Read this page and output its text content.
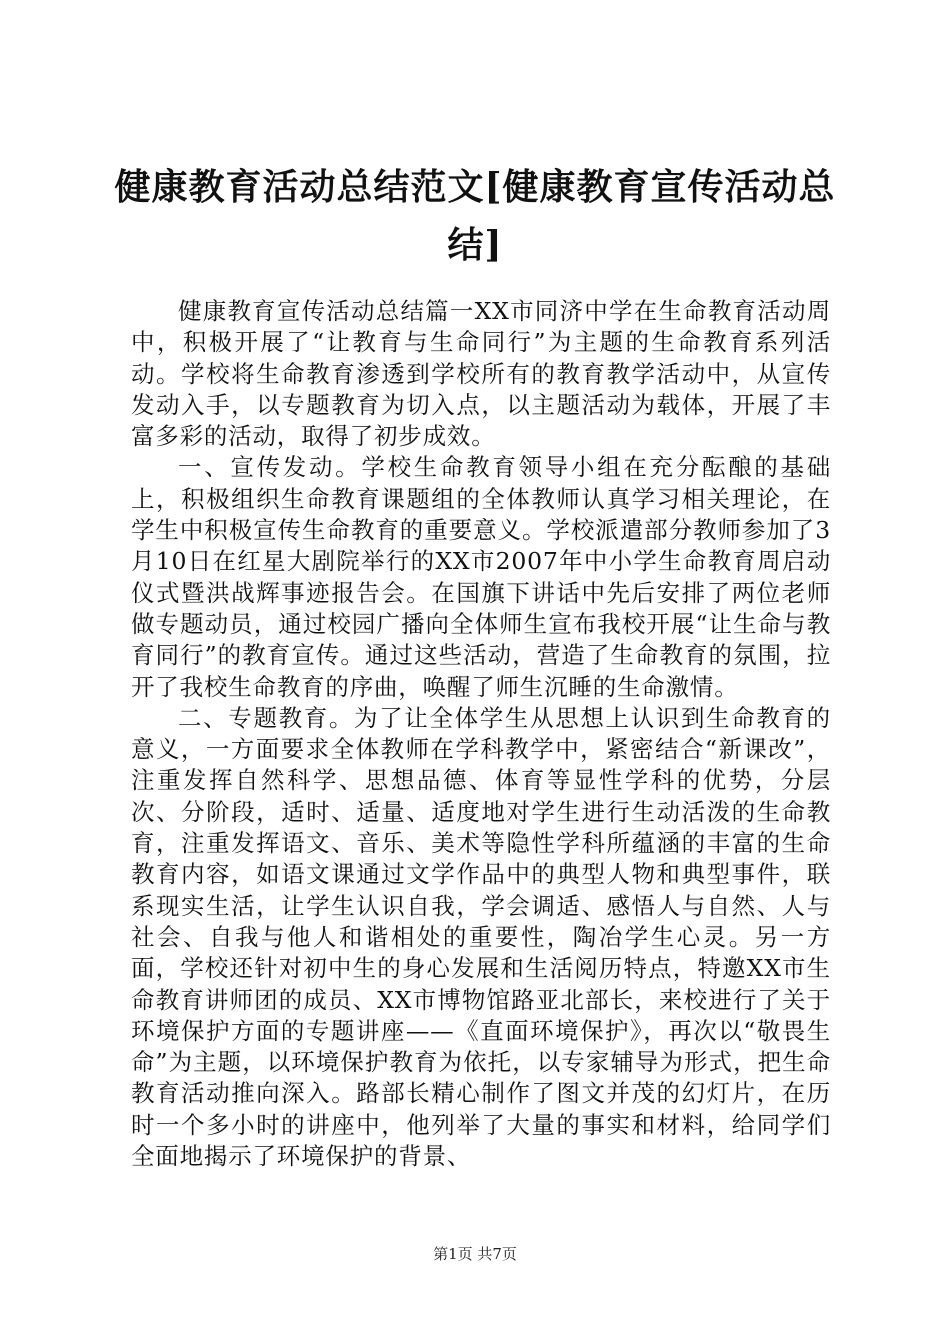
健康教育活动总结范文[健康教育宣传活动总结]

健康教育宣传活动总结篇一XX市同济中学在生命教育活动周中，积极开展了“让教育与生命同行”为主题的生命教育系列活动。学校将生命教育渗透到学校所有的教育教学活动中，从宣传发动入手，以专题教育为切入点，以主题活动为载体，开展了丰富多彩的活动，取得了初步成效。

一、宣传发动。学校生命教育领导小组在充分酝酿的基础上，积极组织生命教育课题组的全体教师认真学习相关理论，在学生中积极宣传生命教育的重要意义。学校派遣部分教师参加了3月10日在红星大剧院举行的XX市2007年中小学生命教育周启动仪式暨洪战辉事迹报告会。在国旗下讲话中先后安排了两位老师做专题动员，通过校园广播向全体师生宣布我校开展“让生命与教育同行”的教育宣传。通过这些活动，营造了生命教育的氛围，拉开了我校生命教育的序曲，唤醒了师生沉睡的生命激情。

二、专题教育。为了让全体学生从思想上认识到生命教育的意义，一方面要求全体教师在学科教学中，紧密结合“新课改”，注重发挥自然科学、思想品德、体育等显性学科的优势，分层次、分阶段，适时、适量、适度地对学生进行生动活泼的生命教育，注重发挥语文、音乐、美术等隐性学科所蕴涵的丰富的生命教育内容，如语文课通过文学作品中的典型人物和典型事件，联系现实生活，让学生认识自我，学会调适、感悟人与自然、人与社会、自我与他人和谐相处的重要性，陶冶学生心灵。另一方面，学校还针对初中生的身心发展和生活阅历特点，特邀XX市生命教育讲师团的成员、XX市博物馆路亚北部长，来校进行了关于环境保护方面的专题讲座——《直面环境保护》，再次以“敬畏生命”为主题，以环境保护教育为依托，以专家辅导为形式，把生命教育活动推向深入。路部长精心制作了图文并茂的幻灯片，在历时一个多小时的讲座中，他列举了大量的事实和材料，给同学们全面地揭示了环境保护的背景、

第1页 共7页
